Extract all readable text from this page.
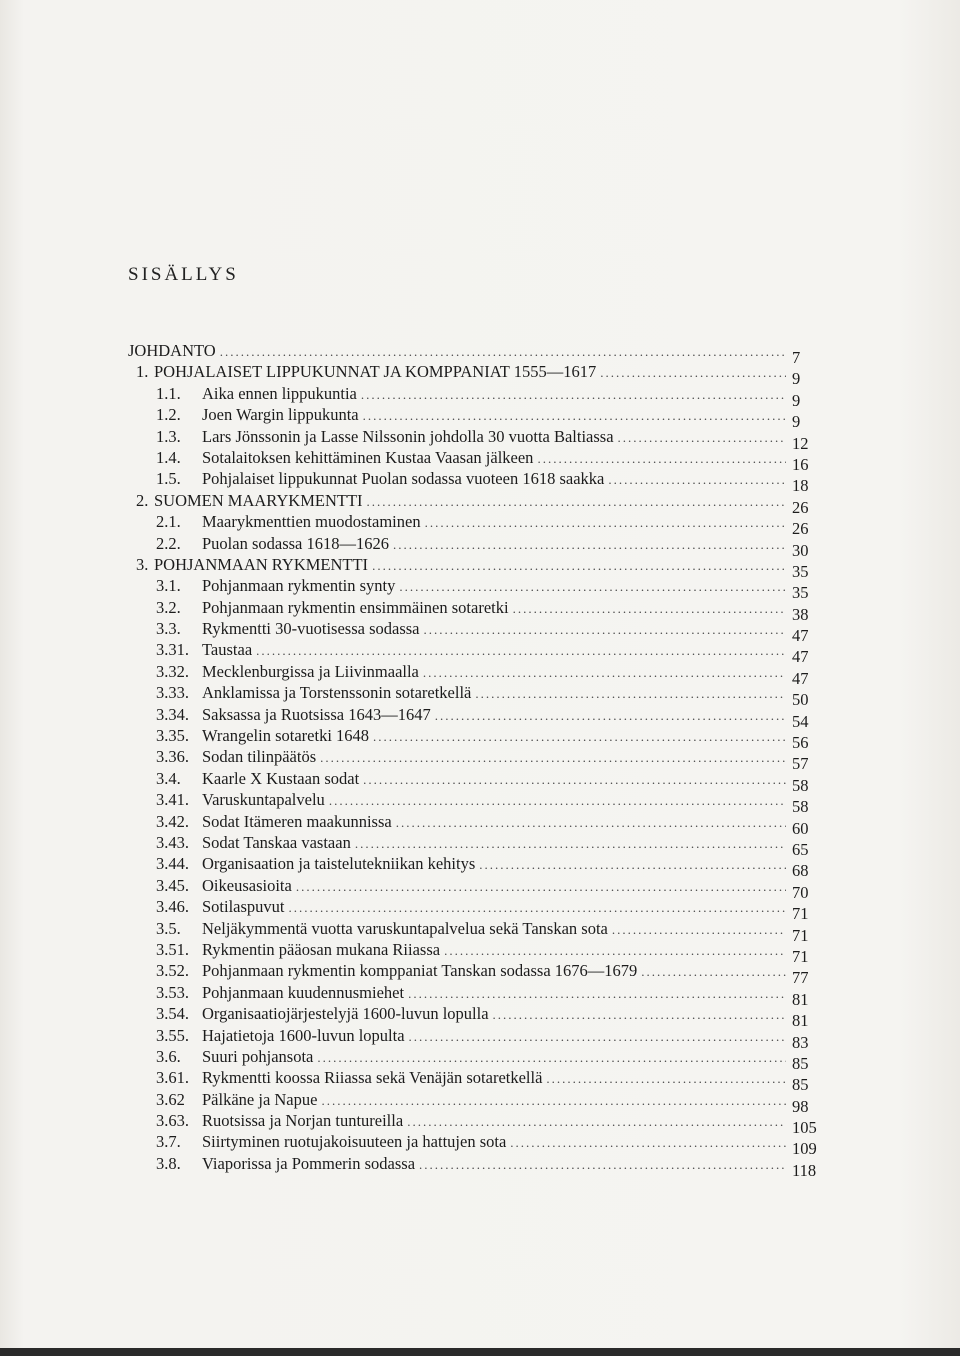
SISÄLLYS
JOHDANTO .....	7
1. POHJALAISET LIPPUKUNNAT JA KOMPPANIAT 1555—1617 .....	9
1.1.	Aika ennen lippukuntia .....	9
1.2.	Joen Wargin lippukunta .....	9
1.3.	Lars Jönssonin ja Lasse Nilssonin johdolla 30 vuotta Baltiassa .....	12
1.4.	Sotalaitoksen kehittäminen Kustaa Vaasan jälkeen .....	16
1.5.	Pohjalaiset lippukunnat Puolan sodassa vuoteen 1618 saakka .....	18
2. SUOMEN MAARYKMENTTI .....	26
2.1.	Maarykmenttien muodostaminen .....	26
2.2.	Puolan sodassa 1618—1626 .....	30
3. POHJANMAAN RYKMENTTI .....	35
3.1.	Pohjanmaan rykmentin synty .....	35
3.2.	Pohjanmaan rykmentin ensimmäinen sotaretki .....	38
3.3.	Rykmentti 30-vuotisessa sodassa .....	47
3.31. Taustaa .....	47
3.32. Mecklenburgissa ja Liivinmaalla .....	47
3.33. Anklamissa ja Torstenssonin sotaretkellä .....	50
3.34. Saksassa ja Ruotsissa 1643—1647 .....	54
3.35. Wrangelin sotaretki 1648 .....	56
3.36. Sodan tilinpäätös .....	57
3.4.	Kaarle X Kustaan sodat .....	58
3.41. Varuskuntapalvelu .....	58
3.42. Sodat Itämeren maakunnissa .....	60
3.43. Sodat Tanskaa vastaan .....	65
3.44. Organisaation ja taistelutekniikan kehitys .....	68
3.45. Oikeusasioita .....	70
3.46. Sotilaspuvut .....	71
3.5.	Neljäkymmentä vuotta varuskuntapalvelua sekä Tanskan sota .....	71
3.51. Rykmentin pääosan mukana Riiassa .....	71
3.52. Pohjanmaan rykmentin komppaniat Tanskan sodassa 1676—1679 .....	77
3.53. Pohjanmaan kuudennusmiehet .....	81
3.54. Organisaatiojärjestelyjä 1600-luvun lopulla .....	81
3.55. Hajatietoja 1600-luvun lopulta .....	83
3.6.	Suuri pohjansota .....	85
3.61. Rykmentti koossa Riiassa sekä Venäjän sotaretkellä .....	85
3.62	Pälkäne ja Napue .....	98
3.63. Ruotsissa ja Norjan tuntureilla .....	105
3.7.	Siirtyminen ruotujakoisuuteen ja hattujen sota .....	109
3.8.	Viaporissa ja Pommerin sodassa .....	118
